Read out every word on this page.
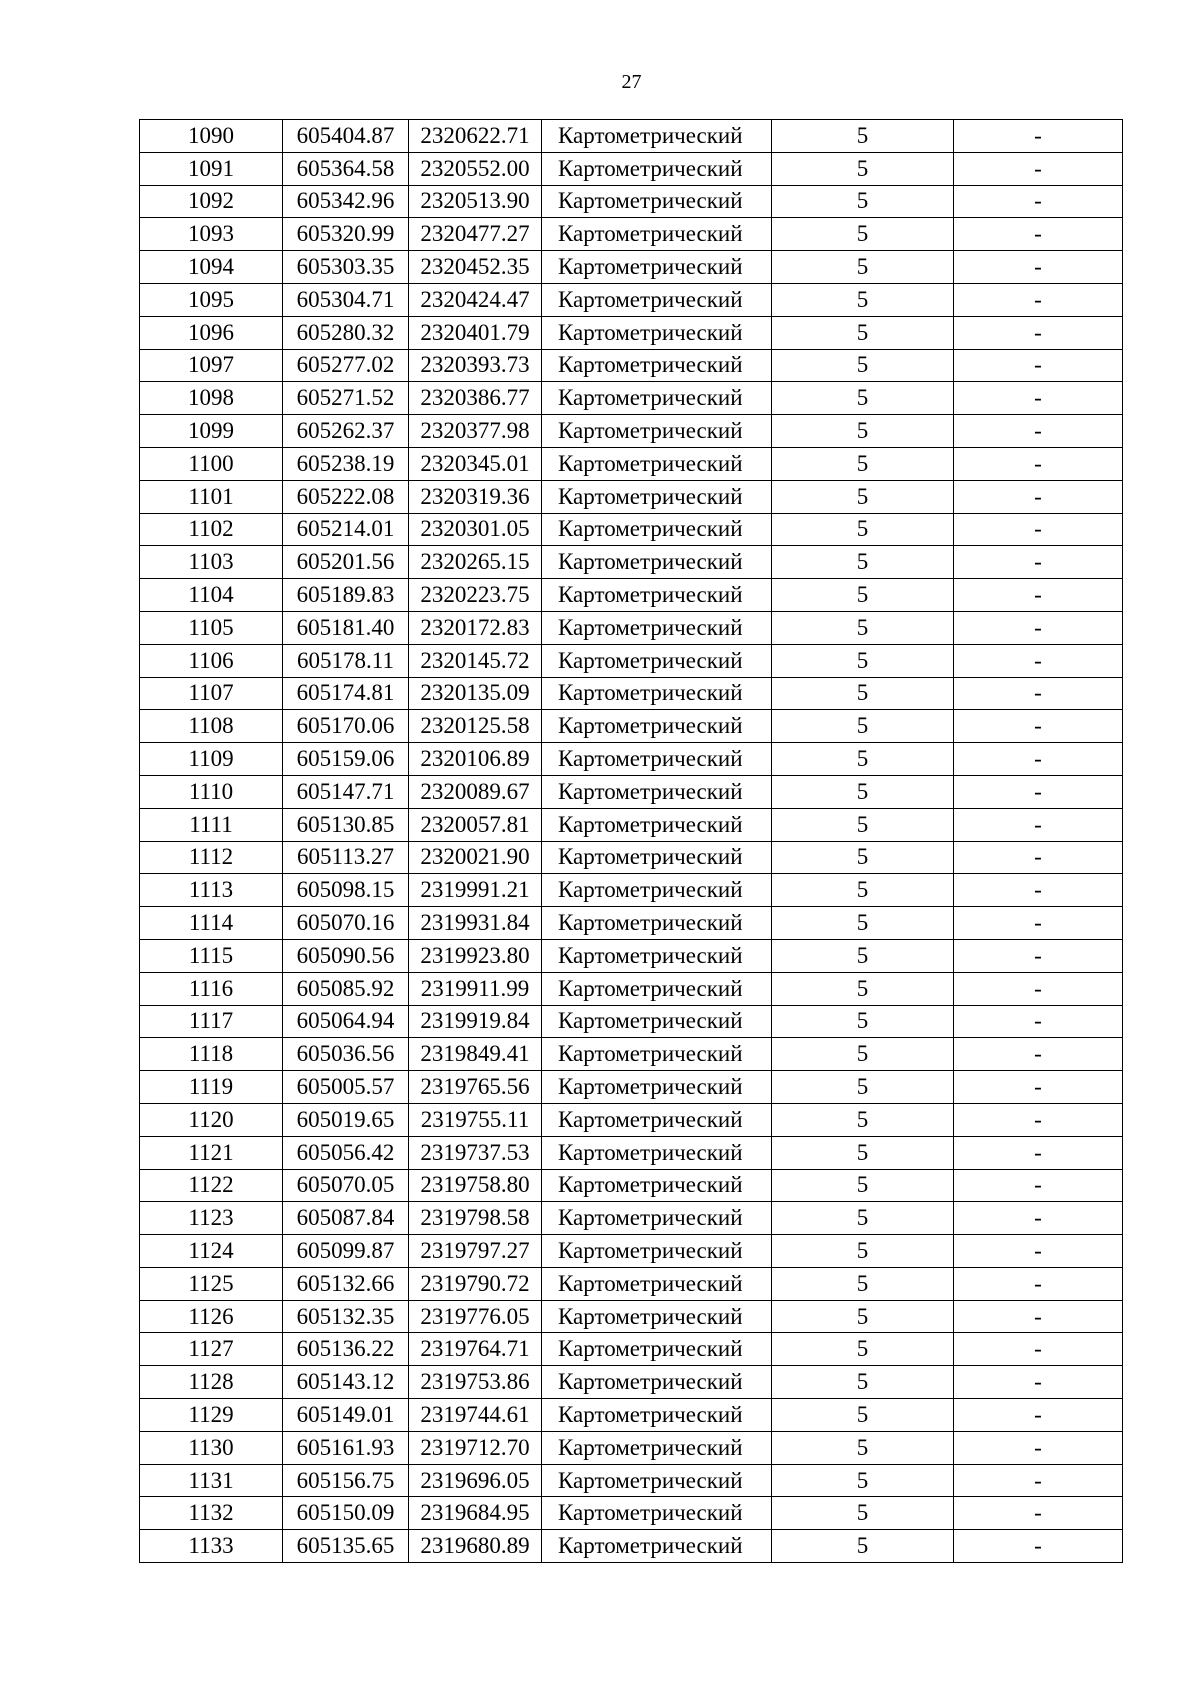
27
1090	605404.87	2320622.71	Картометрический	5	-
1091	605364.58	2320552.00	Картометрический	5	-
1092	605342.96	2320513.90	Картометрический	5	-
1093	605320.99	2320477.27	Картометрический	5	-
1094	605303.35	2320452.35	Картометрический	5	-
1095	605304.71	2320424.47	Картометрический	5	-
1096	605280.32	2320401.79	Картометрический	5	-
1097	605277.02	2320393.73	Картометрический	5	-
1098	605271.52	2320386.77	Картометрический	5	-
1099	605262.37	2320377.98	Картометрический	5	-
1100	605238.19	2320345.01	Картометрический	5	-
1101	605222.08	2320319.36	Картометрический	5	-
1102	605214.01	2320301.05	Картометрический	5	-
1103	605201.56	2320265.15	Картометрический	5	-
1104	605189.83	2320223.75	Картометрический	5	-
1105	605181.40	2320172.83	Картометрический	5	-
1106	605178.11	2320145.72	Картометрический	5	-
1107	605174.81	2320135.09	Картометрический	5	-
1108	605170.06	2320125.58	Картометрический	5	-
1109	605159.06	2320106.89	Картометрический	5	-
1110	605147.71	2320089.67	Картометрический	5	-
1111	605130.85	2320057.81	Картометрический	5	-
1112	605113.27	2320021.90	Картометрический	5	-
1113	605098.15	2319991.21	Картометрический	5	-
1114	605070.16	2319931.84	Картометрический	5	-
1115	605090.56	2319923.80	Картометрический	5	-
1116	605085.92	2319911.99	Картометрический	5	-
1117	605064.94	2319919.84	Картометрический	5	-
1118	605036.56	2319849.41	Картометрический	5	-
1119	605005.57	2319765.56	Картометрический	5	-
1120	605019.65	2319755.11	Картометрический	5	-
1121	605056.42	2319737.53	Картометрический	5	-
1122	605070.05	2319758.80	Картометрический	5	-
1123	605087.84	2319798.58	Картометрический	5	-
1124	605099.87	2319797.27	Картометрический	5	-
1125	605132.66	2319790.72	Картометрический	5	-
1126	605132.35	2319776.05	Картометрический	5	-
1127	605136.22	2319764.71	Картометрический	5	-
1128	605143.12	2319753.86	Картометрический	5	-
1129	605149.01	2319744.61	Картометрический	5	-
1130	605161.93	2319712.70	Картометрический	5	-
1131	605156.75	2319696.05	Картометрический	5	-
1132	605150.09	2319684.95	Картометрический	5	-
1133	605135.65	2319680.89	Картометрический	5	-
